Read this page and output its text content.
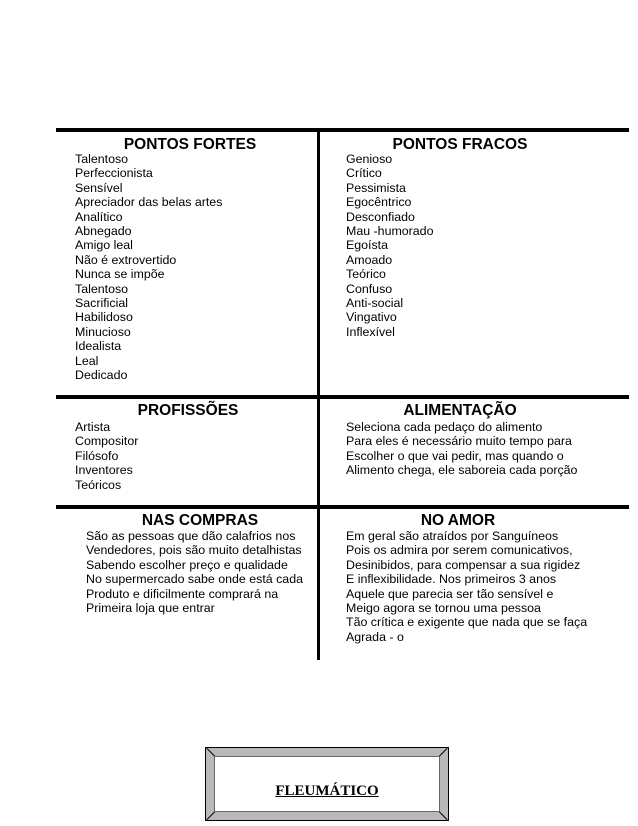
PONTOS FORTES
Talentoso
Perfeccionista
Sensível
Apreciador das belas artes
Analítico
Abnegado
Amigo leal
Não é extrovertido
Nunca se impõe
Talentoso
Sacrificial
Habilidoso
Minucioso
Idealista
Leal
Dedicado
PONTOS FRACOS
Genioso
Crítico
Pessimista
Egocêntrico
Desconfiado
Mau -humorado
Egoísta
Amoado
Teórico
Confuso
Anti-social
Vingativo
Inflexível
PROFISSÕES
Artista
Compositor
Filósofo
Inventores
Teóricos
ALIMENTAÇÃO
Seleciona cada pedaço do alimento
Para eles é necessário muito tempo para
Escolher o que vai pedir, mas quando o
Alimento chega, ele saboreia cada porção
NAS COMPRAS
São as pessoas que dão calafrios nos
Vendedores, pois são muito detalhistas
Sabendo escolher preço e qualidade
No supermercado sabe onde está cada
Produto e dificilmente comprará na
Primeira loja que entrar
NO AMOR
Em geral são atraídos por Sanguíneos
Pois os admira por serem comunicativos,
Desinibidos, para compensar a sua rigidez
E inflexibilidade. Nos primeiros 3 anos
Aquele que parecia ser tão sensível e
Meigo agora se tornou uma pessoa
Tão crítica e exigente que nada que se faça
Agrada - o
FLEUMÁTICO
